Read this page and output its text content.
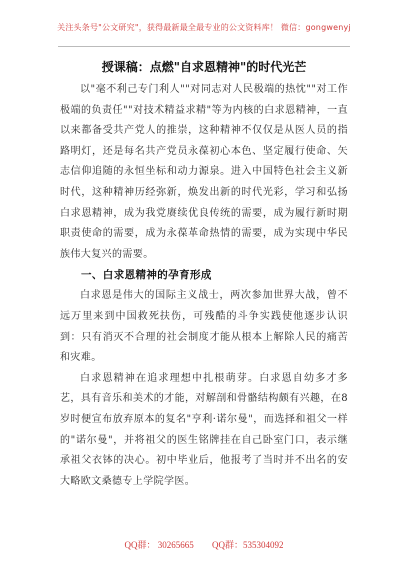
关注头条号"公文研究"，获得最新最全最专业的公文资料库！ 微信：gongwenyj
授课稿：点燃"自求恩精神"的时代光芒

以"毫不利己专门利人""对同志对人民极端的热忱""对工作极端的负责任""对技术精益求精"等为内核的白求恩精神，一直以来都备受共产党人的推崇，这种精神不仅仅是从医人员的指路明灯，还是每名共产党员永葆初心本色、坚定履行使命、矢志信仰追随的永恒坐标和动力源泉。进入中国特色社会主义新时代，这种精神历经弥新，焕发出新的时代光彩，学习和弘扬白求恩精神，成为我党赓续优良传统的需要，成为履行新时期职责使命的需要，成为永葆革命热情的需要，成为实现中华民族伟大复兴的需要。

一、白求恩精神的孕育形成

白求恩是伟大的国际主义战士，两次参加世界大战，曾不远万里来到中国救死扶伤，可残酷的斗争实践使他逐步认识到：只有消灭不合理的社会制度才能从根本上解除人民的痛苦和灾难。

白求恩精神在追求理想中扎根萌芽。白求恩自幼多才多艺，具有音乐和美术的才能，对解剖和骨骼结构颇有兴趣，在8岁时便宣布放弃原本的复名"亨利·诺尔曼"，而选择和祖父一样的"诺尔曼"，并将祖父的医生铭牌挂在自己卧室门口，表示继承祖父衣钵的决心。初中毕业后，他报考了当时并不出名的安大略欧文桑德专上学院学医。

QQ群： 30265665 QQ群：535304092
